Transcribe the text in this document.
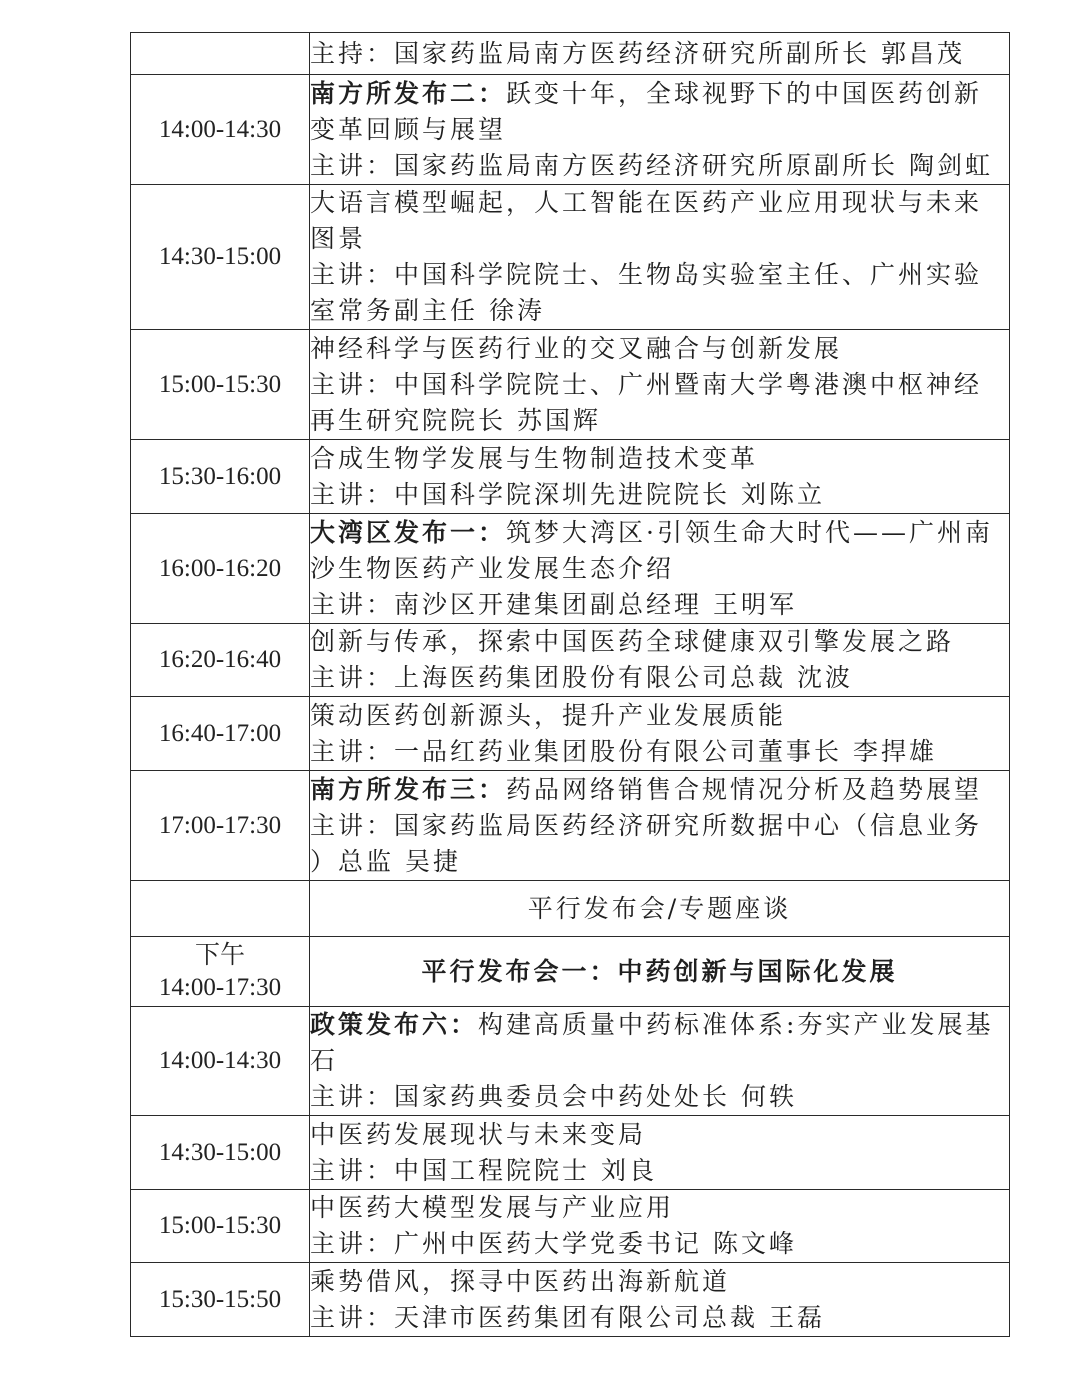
	主持：国家药监局南方医药经济研究所副所长 郭昌茂

14:00-14:30	南方所发布二：跃变十年，全球视野下的中国医药创新
变革回顾与展望
主讲：国家药监局南方医药经济研究所原副所长 陶剑虹

14:30-15:00	大语言模型崛起，人工智能在医药产业应用现状与未来
图景
主讲：中国科学院院士、生物岛实验室主任、广州实验
室常务副主任 徐涛

15:00-15:30	神经科学与医药行业的交叉融合与创新发展
主讲：中国科学院院士、广州暨南大学粤港澳中枢神经
再生研究院院长 苏国辉

15:30-16:00	合成生物学发展与生物制造技术变革
主讲：中国科学院深圳先进院院长 刘陈立

16:00-16:20	大湾区发布一：筑梦大湾区·引领生命大时代——广州南
沙生物医药产业发展生态介绍
主讲：南沙区开建集团副总经理 王明军

16:20-16:40	创新与传承，探索中国医药全球健康双引擎发展之路
主讲：上海医药集团股份有限公司总裁 沈波

16:40-17:00	策动医药创新源头，提升产业发展质能
主讲：一品红药业集团股份有限公司董事长 李捍雄

17:00-17:30	南方所发布三：药品网络销售合规情况分析及趋势展望
主讲：国家药监局医药经济研究所数据中心（信息业务
）总监 吴捷

	平行发布会/专题座谈

下午
14:00-17:30	平行发布会一：中药创新与国际化发展

14:00-14:30	政策发布六：构建高质量中药标准体系:夯实产业发展基
石
主讲：国家药典委员会中药处处长 何轶

14:30-15:00	中医药发展现状与未来变局
主讲：中国工程院院士 刘良

15:00-15:30	中医药大模型发展与产业应用
主讲：广州中医药大学党委书记 陈文峰

15:30-15:50	乘势借风，探寻中医药出海新航道
主讲：天津市医药集团有限公司总裁 王磊
